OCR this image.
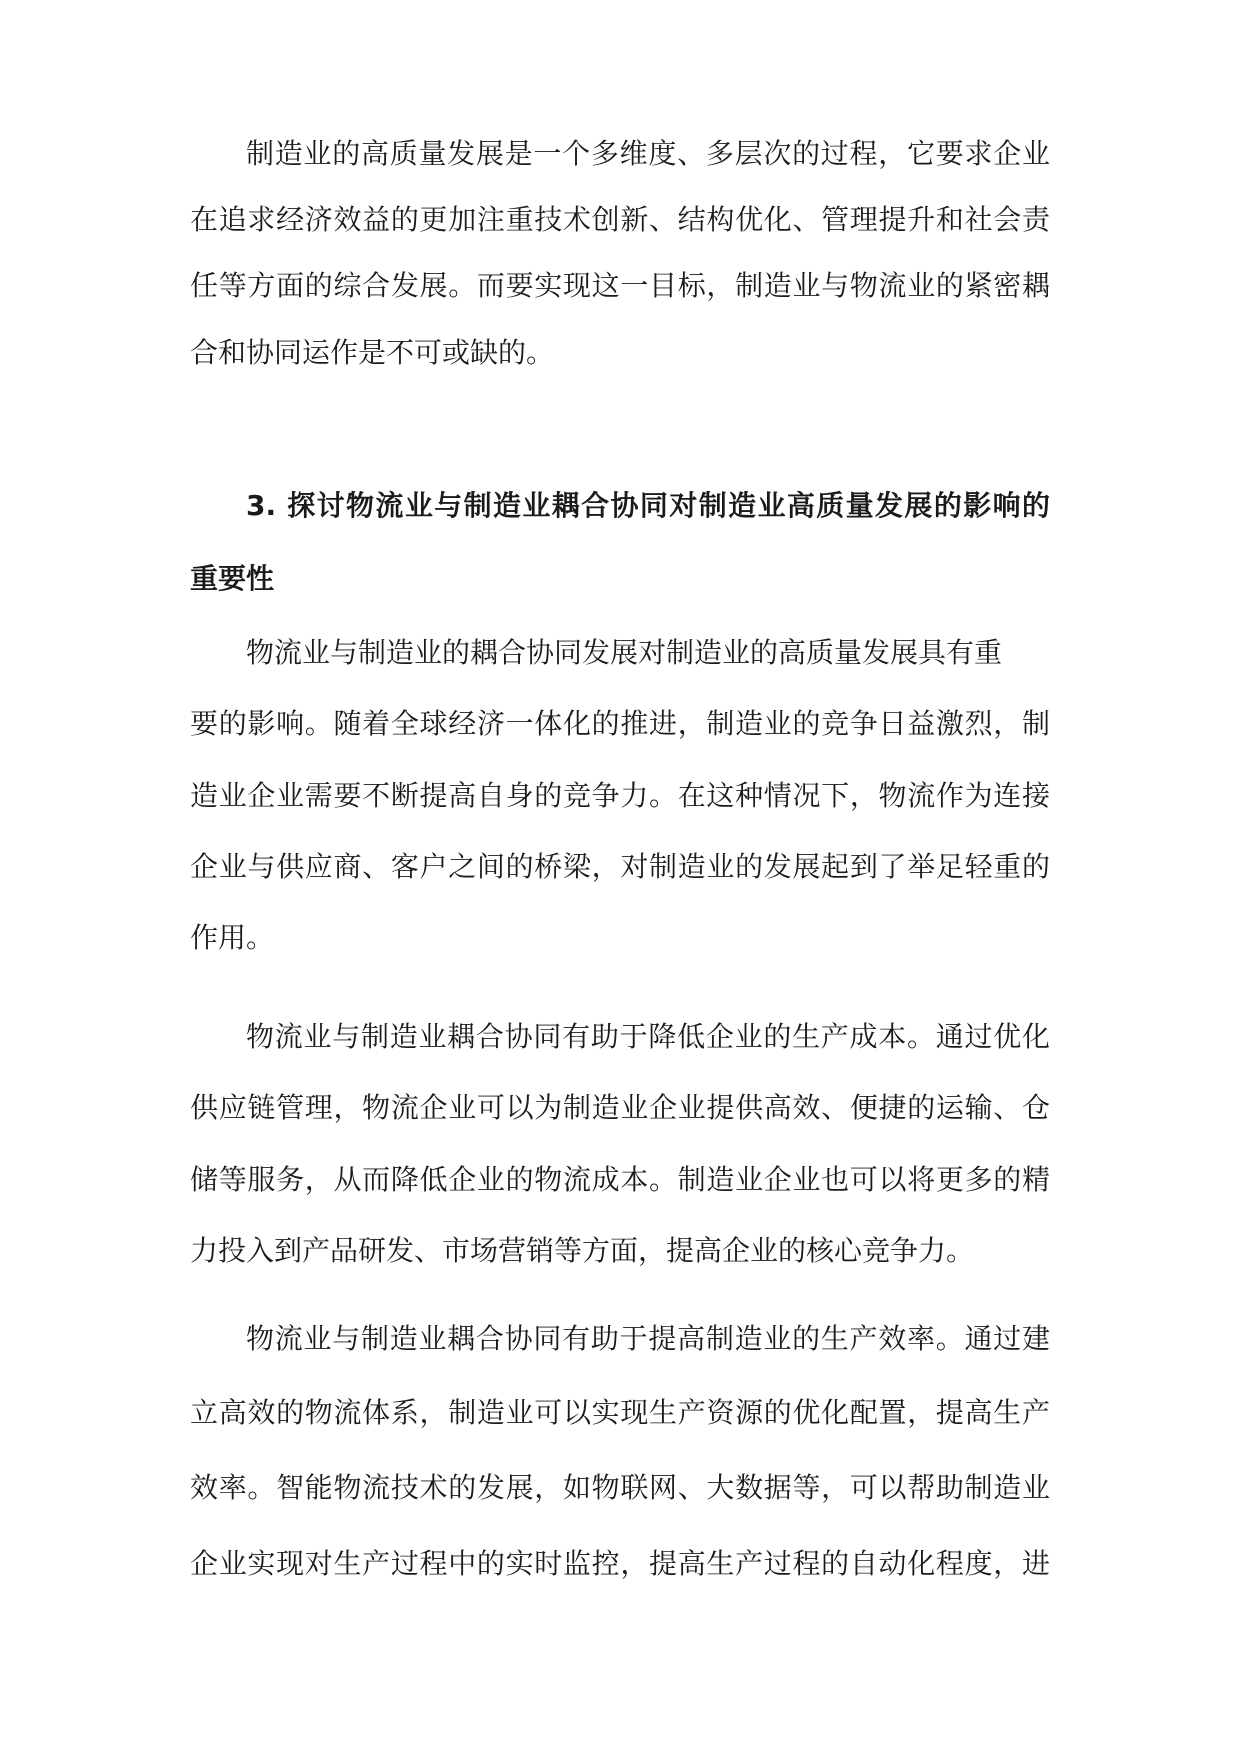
制造业的高质量发展是一个多维度、多层次的过程，它要求企业
在追求经济效益的更加注重技术创新、结构优化、管理提升和社会责
任等方面的综合发展。而要实现这一目标，制造业与物流业的紧密耦
合和协同运作是不可或缺的。
3. 探讨物流业与制造业耦合协同对制造业高质量发展的影响的
重要性
物流业与制造业的耦合协同发展对制造业的高质量发展具有重
要的影响。随着全球经济一体化的推进，制造业的竞争日益激烈，制
造业企业需要不断提高自身的竞争力。在这种情况下，物流作为连接
企业与供应商、客户之间的桥梁，对制造业的发展起到了举足轻重的
作用。
物流业与制造业耦合协同有助于降低企业的生产成本。通过优化
供应链管理，物流企业可以为制造业企业提供高效、便捷的运输、仓
储等服务，从而降低企业的物流成本。制造业企业也可以将更多的精
力投入到产品研发、市场营销等方面，提高企业的核心竞争力。
物流业与制造业耦合协同有助于提高制造业的生产效率。通过建
立高效的物流体系，制造业可以实现生产资源的优化配置，提高生产
效率。智能物流技术的发展，如物联网、大数据等，可以帮助制造业
企业实现对生产过程中的实时监控，提高生产过程的自动化程度，进
